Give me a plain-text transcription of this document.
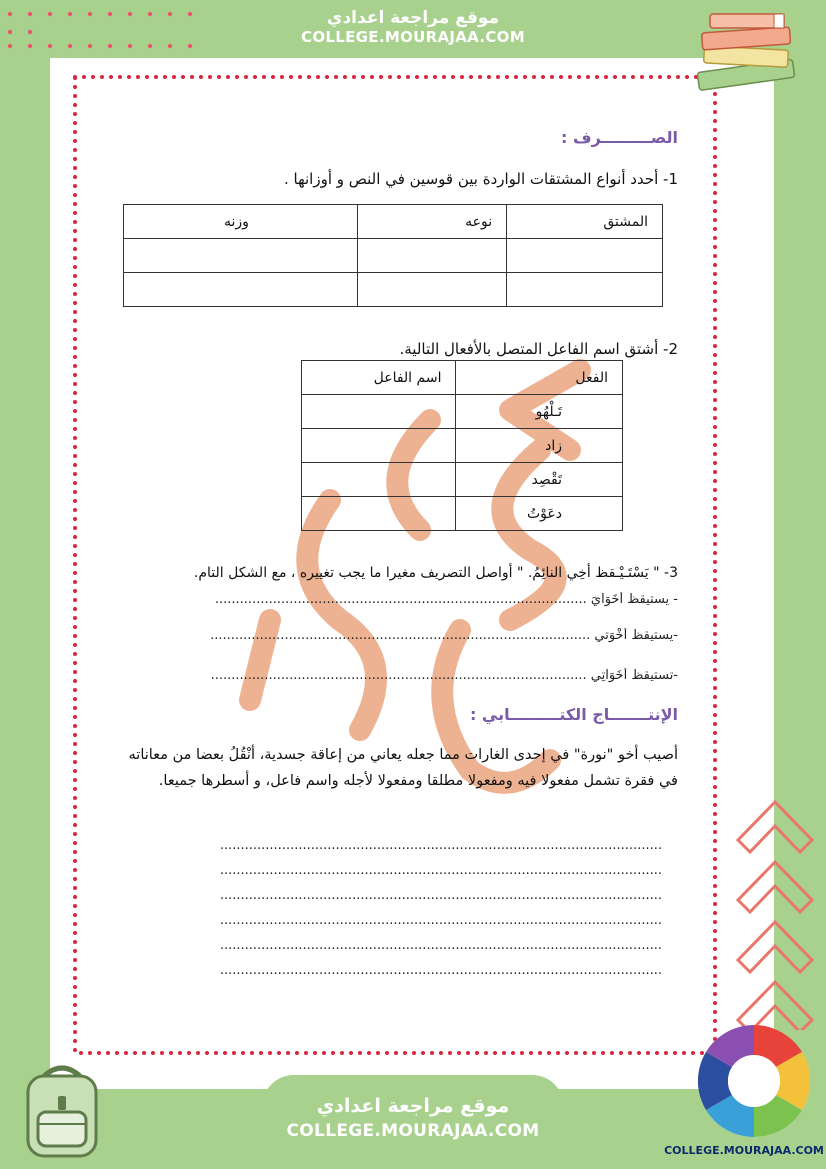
موقع مراجعة اعدادي
COLLEGE.MOURAJAA.COM
الصـــــــــرف :
1- أحدد أنواع المشتقات الواردة بين قوسين في النص و أوزانها .
المشتق	نوعه	وزنه

2- أشتق اسم الفاعل المتصل بالأفعال التالية.
الفعل	اسم الفاعل
تَـلْهُو	
زاد	
تَقْصِد	
دعَوْتُ	
3- " يَسْتَـيْـقظ أخِي النائِمُ. " أواصل التصريف مغيرا ما يجب تغييره ، مع الشكل التام.
- يستيقظ أخَوَايَ ..........................................................................................
-يستيقظ أَخْوَتي ............................................................................................
-تستيقظ أخَوَاتِي ...........................................................................................
الإنتـــــــاج الكتـــــــــابي :
أصيب أخو "نورة" في إحدى الغارات مما جعله يعاني من إعاقة جسدية، أنْقُلُ بعضا من معاناته في فقرة تشمل مفعولا فيه ومفعولا مطلقا ومفعولا لأجله واسم فاعل، و أسطرها جميعا.
...........................................................................................................
...........................................................................................................
...........................................................................................................
...........................................................................................................
...........................................................................................................
...........................................................................................................
موقع مراجعة اعدادي
COLLEGE.MOURAJAA.COM
COLLEGE.MOURAJAA.COM
